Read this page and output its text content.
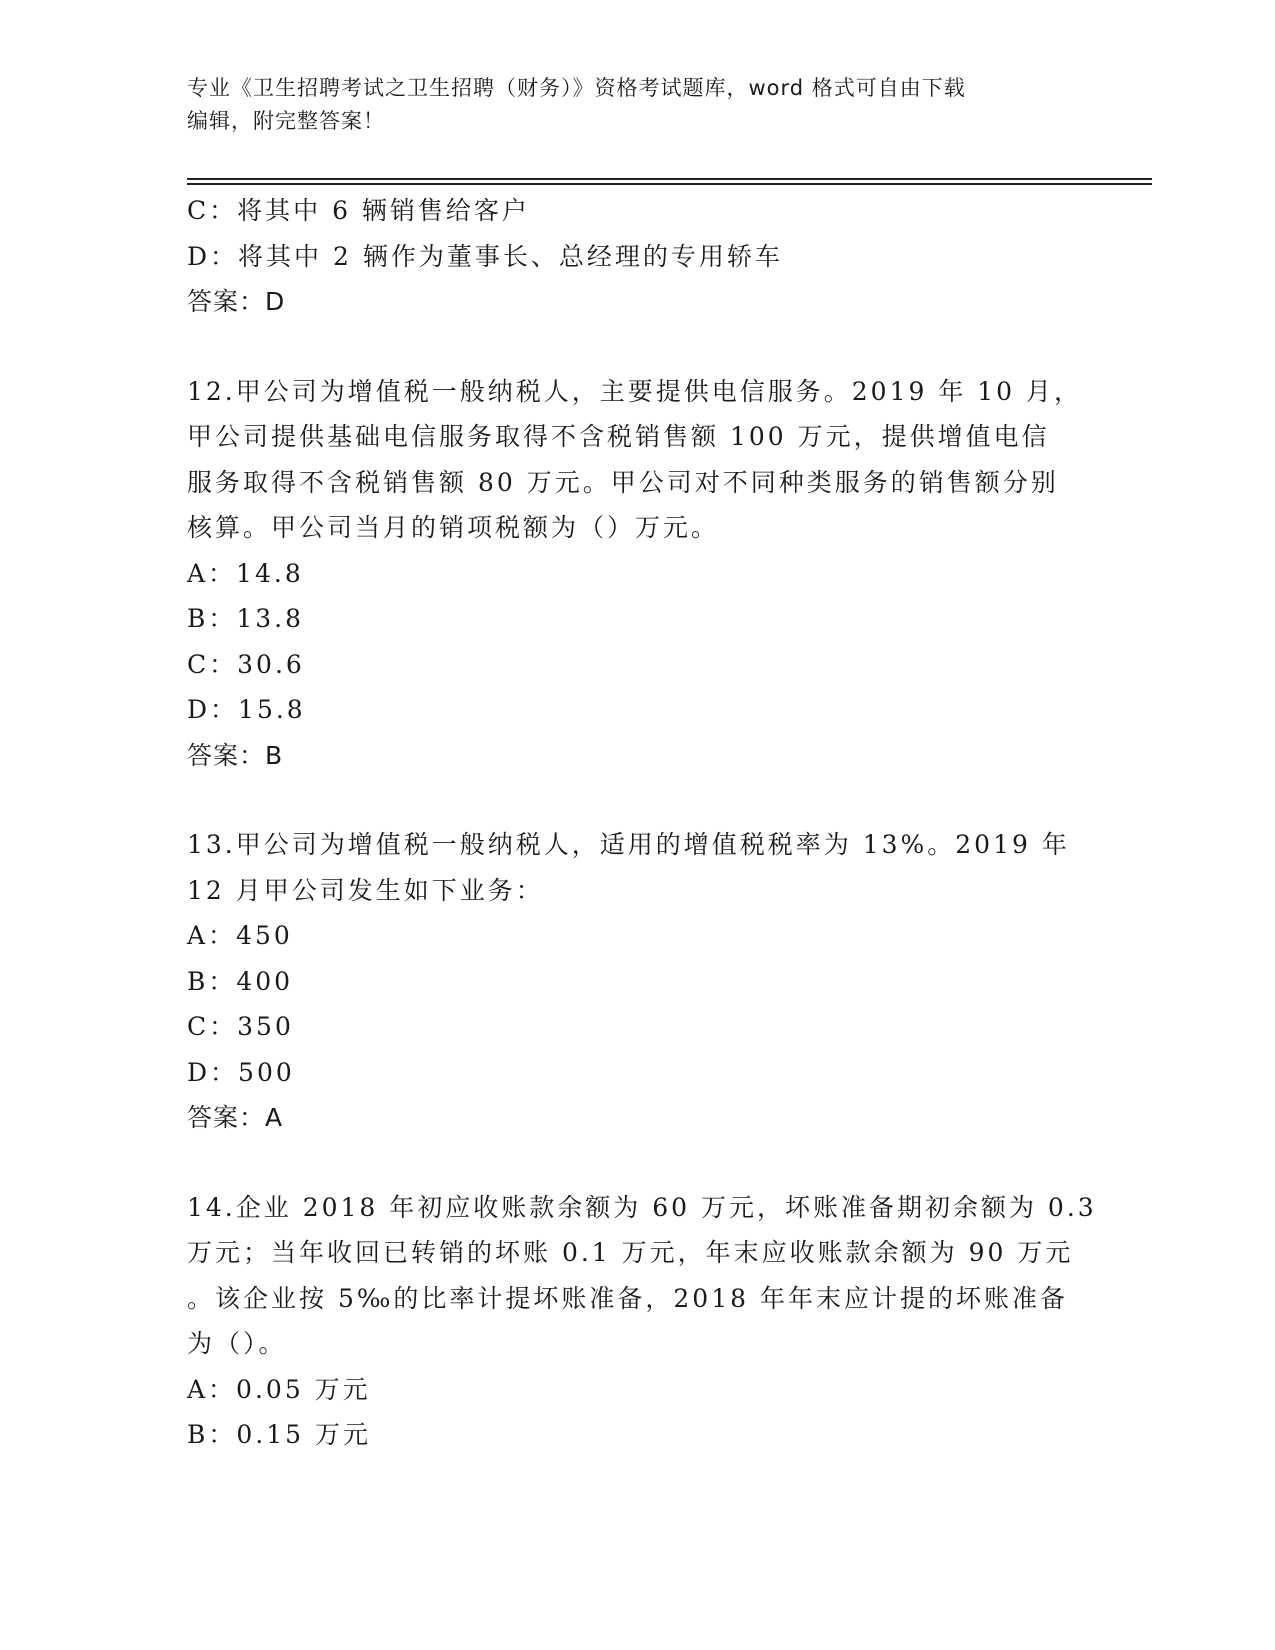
专业《卫生招聘考试之卫生招聘（财务）》资格考试题库，word 格式可自由下载
编辑，附完整答案！
C：将其中 6 辆销售给客户
D：将其中 2 辆作为董事长、总经理的专用轿车
答案：D
12.甲公司为增值税一般纳税人，主要提供电信服务。2019 年 10 月，
甲公司提供基础电信服务取得不含税销售额 100 万元，提供增值电信
服务取得不含税销售额 80 万元。甲公司对不同种类服务的销售额分别
核算。甲公司当月的销项税额为（）万元。
A：14.8
B：13.8
C：30.6
D：15.8
答案：B
13.甲公司为增值税一般纳税人，适用的增值税税率为 13%。2019 年
12 月甲公司发生如下业务：
A：450
B：400
C：350
D：500
答案：A
14.企业 2018 年初应收账款余额为 60 万元，坏账准备期初余额为 0.3
万元；当年收回已转销的坏账 0.1 万元，年末应收账款余额为 90 万元
。该企业按 5‰的比率计提坏账准备，2018 年年末应计提的坏账准备
为（）。
A：0.05 万元
B：0.15 万元
